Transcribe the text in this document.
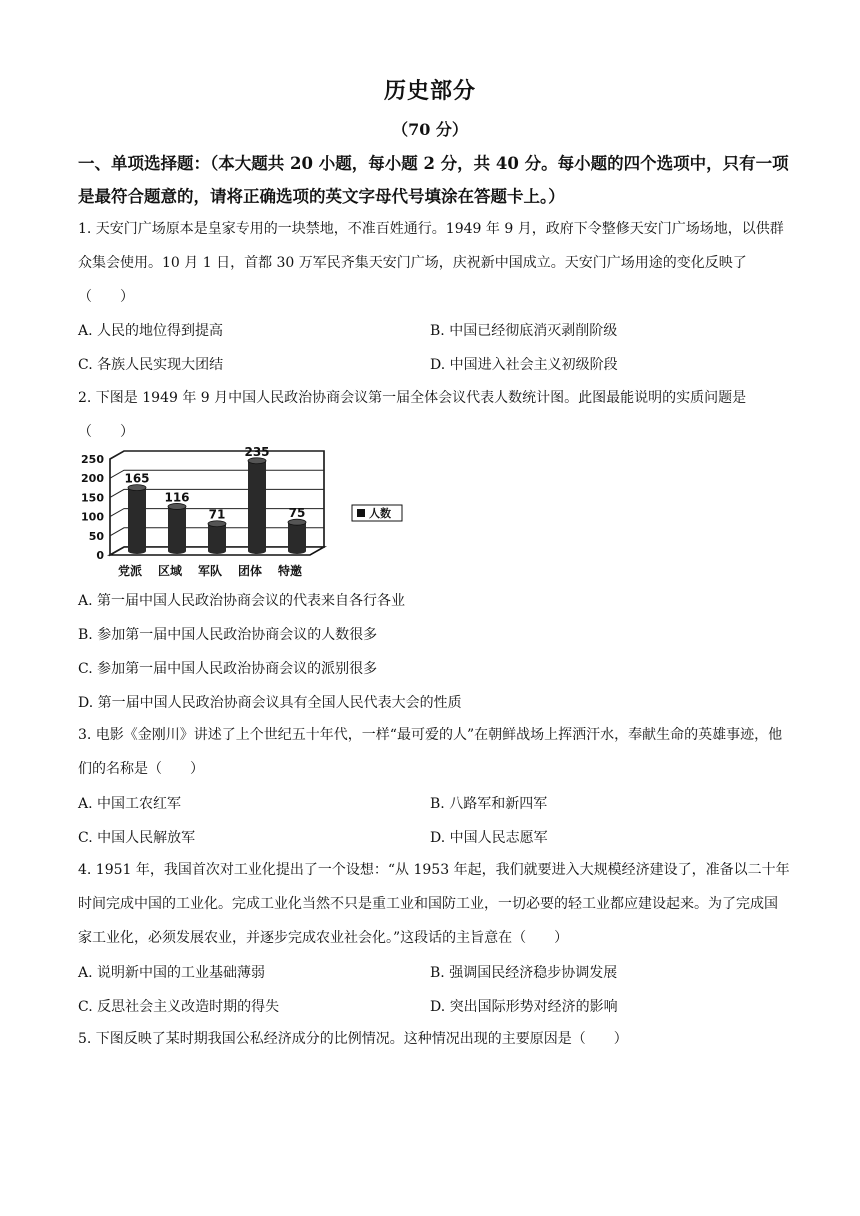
历史部分
（70 分）
一、单项选择题：（本大题共 20 小题，每小题 2 分，共 40 分。每小题的四个选项中，只有一项是最符合题意的，请将正确选项的英文字母代号填涂在答题卡上。）
1. 天安门广场原本是皇家专用的一块禁地，不准百姓通行。1949 年 9 月，政府下令整修天安门广场场地，以供群众集会使用。10 月 1 日，首都 30 万军民齐集天安门广场，庆祝新中国成立。天安门广场用途的变化反映了（　　）
A. 人民的地位得到提高	B. 中国已经彻底消灭剥削阶级
C. 各族人民实现大团结	D. 中国进入社会主义初级阶段
2. 下图是 1949 年 9 月中国人民政治协商会议第一届全体会议代表人数统计图。此图最能说明的实质问题是（　　）
0
50
100
150
200
250
165
党派
116
区域
71
军队
235
团体
75
特邀
人数
A. 第一届中国人民政治协商会议的代表来自各行各业
B. 参加第一届中国人民政治协商会议的人数很多
C. 参加第一届中国人民政治协商会议的派别很多
D. 第一届中国人民政治协商会议具有全国人民代表大会的性质
3. 电影《金刚川》讲述了上个世纪五十年代，一样“最可爱的人”在朝鲜战场上挥洒汗水，奉献生命的英雄事迹，他们的名称是（　　）
A. 中国工农红军	B. 八路军和新四军
C. 中国人民解放军	D. 中国人民志愿军
4. 1951 年，我国首次对工业化提出了一个设想：“从 1953 年起，我们就要进入大规模经济建设了，准备以二十年时间完成中国的工业化。完成工业化当然不只是重工业和国防工业，一切必要的轻工业都应建设起来。为了完成国家工业化，必须发展农业，并逐步完成农业社会化。”这段话的主旨意在（　　）
A. 说明新中国的工业基础薄弱	B. 强调国民经济稳步协调发展
C. 反思社会主义改造时期的得失	D. 突出国际形势对经济的影响
5. 下图反映了某时期我国公私经济成分的比例情况。这种情况出现的主要原因是（　　）
